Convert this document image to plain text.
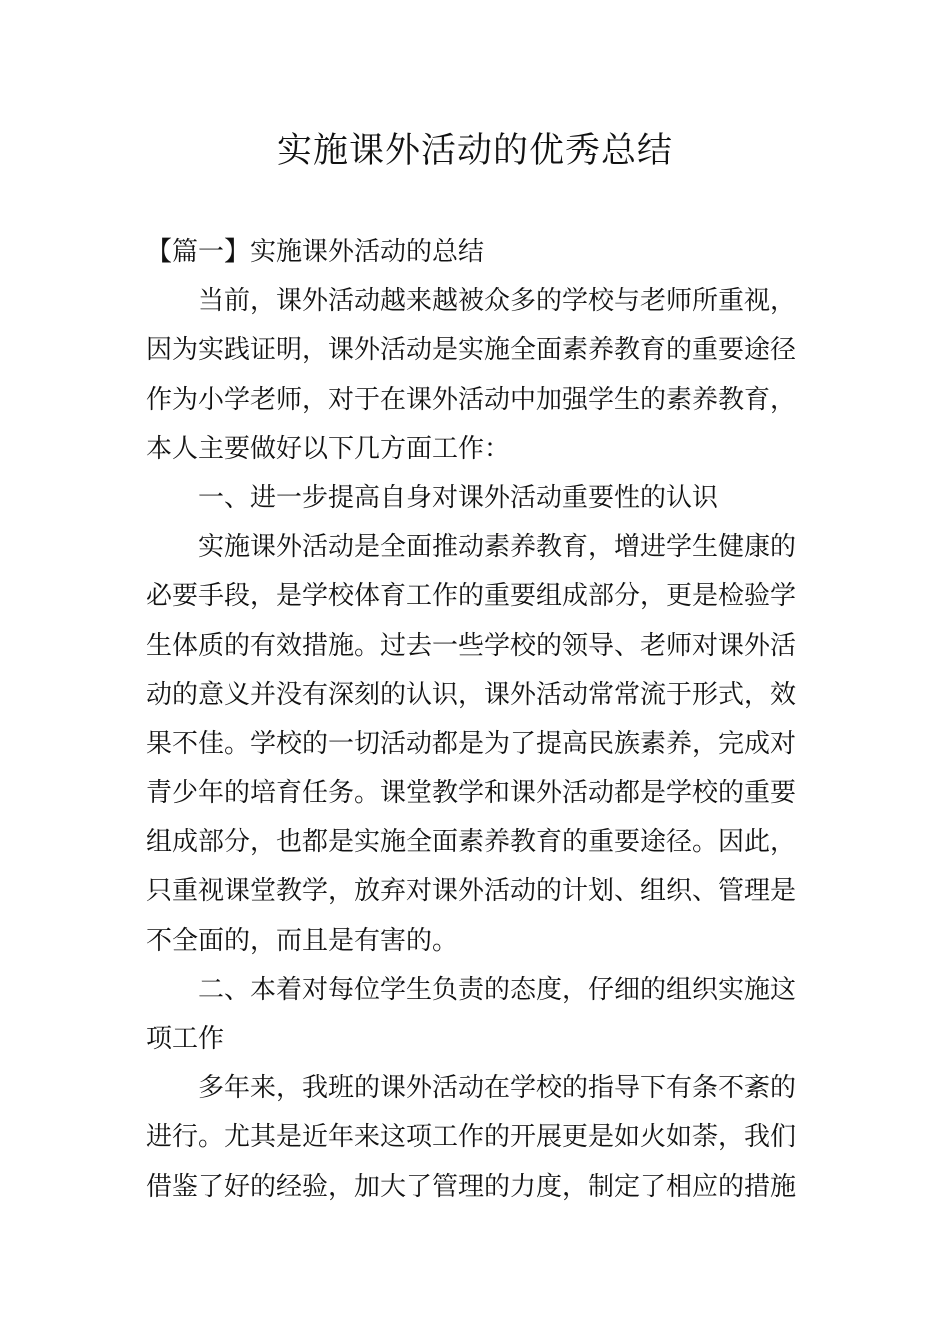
实施课外活动的优秀总结
【篇一】实施课外活动的总结
当前，课外活动越来越被众多的学校与老师所重视，
因为实践证明，课外活动是实施全面素养教育的重要途径
作为小学老师，对于在课外活动中加强学生的素养教育，
本人主要做好以下几方面工作：
一、进一步提高自身对课外活动重要性的认识
实施课外活动是全面推动素养教育，增进学生健康的
必要手段，是学校体育工作的重要组成部分，更是检验学
生体质的有效措施。过去一些学校的领导、老师对课外活
动的意义并没有深刻的认识，课外活动常常流于形式，效
果不佳。学校的一切活动都是为了提高民族素养，完成对
青少年的培育任务。课堂教学和课外活动都是学校的重要
组成部分，也都是实施全面素养教育的重要途径。因此，
只重视课堂教学，放弃对课外活动的计划、组织、管理是
不全面的，而且是有害的。
二、本着对每位学生负责的态度，仔细的组织实施这
项工作
多年来，我班的课外活动在学校的指导下有条不紊的
进行。尤其是近年来这项工作的开展更是如火如荼，我们
借鉴了好的经验，加大了管理的力度，制定了相应的措施
